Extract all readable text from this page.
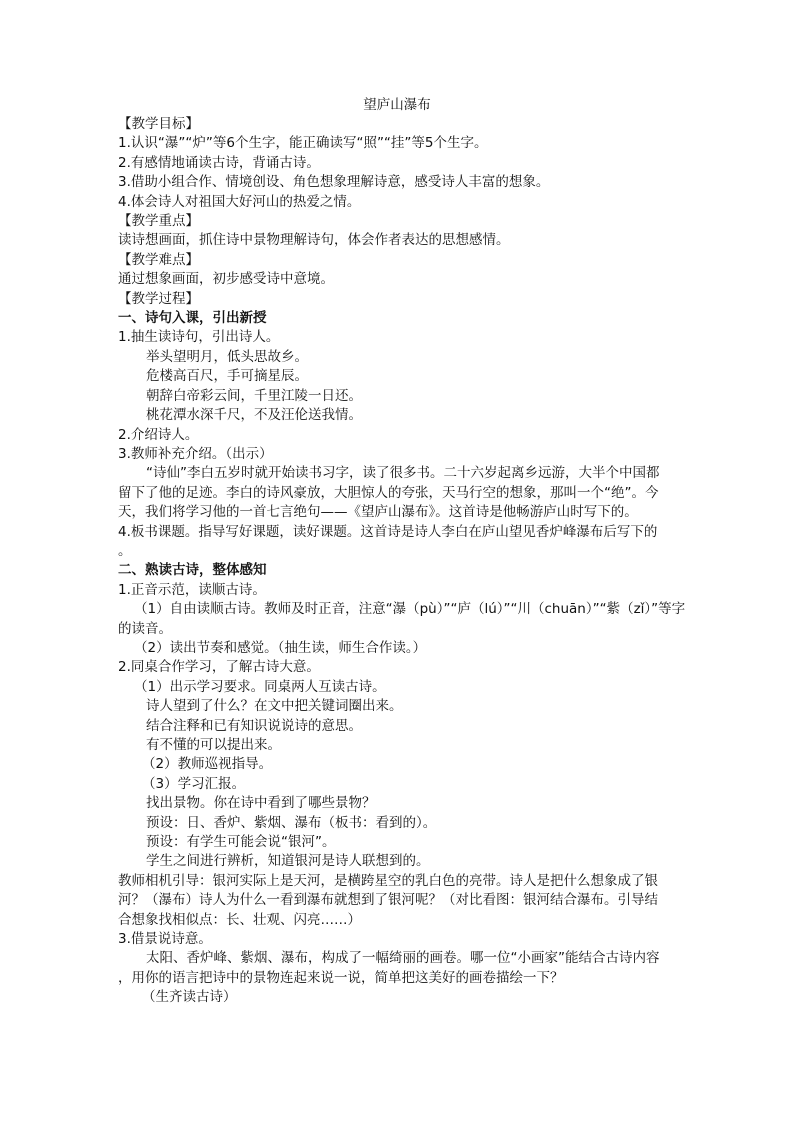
望庐山瀑布

【教学目标】

1.认识“瀑”“炉”等6个生字，能正确读写“照”“挂”等5个生字。

2.有感情地诵读古诗，背诵古诗。

3.借助小组合作、情境创设、角色想象理解诗意，感受诗人丰富的想象。

4.体会诗人对祖国大好河山的热爱之情。

【教学重点】

读诗想画面，抓住诗中景物理解诗句，体会作者表达的思想感情。

【教学难点】

通过想象画面，初步感受诗中意境。

【教学过程】

一、诗句入课，引出新授

1.抽生读诗句，引出诗人。

举头望明月，低头思故乡。

危楼高百尺，手可摘星辰。

朝辞白帝彩云间，千里江陵一日还。

桃花潭水深千尺，不及汪伦送我情。

2.介绍诗人。

3.教师补充介绍。（出示）

“诗仙”李白五岁时就开始读书习字，读了很多书。二十六岁起离乡远游，大半个中国都

留下了他的足迹。李白的诗风豪放，大胆惊人的夸张，天马行空的想象，那叫一个“绝”。今

天，我们将学习他的一首七言绝句——《望庐山瀑布》。这首诗是他畅游庐山时写下的。

4.板书课题。指导写好课题，读好课题。这首诗是诗人李白在庐山望见香炉峰瀑布后写下的

。

二、熟读古诗，整体感知

1.正音示范，读顺古诗。

（1）自由读顺古诗。教师及时正音，注意“瀑（pù）”“庐（lú）”“川（chuān）”“紫（zǐ）”等字

的读音。

（2）读出节奏和感觉。（抽生读，师生合作读。）

2.同桌合作学习，了解古诗大意。

（1）出示学习要求。同桌两人互读古诗。

诗人望到了什么？在文中把关键词圈出来。

结合注释和已有知识说说诗的意思。

有不懂的可以提出来。

（2）教师巡视指导。

（3）学习汇报。

找出景物。你在诗中看到了哪些景物？

预设：日、香炉、紫烟、瀑布（板书：看到的）。

预设：有学生可能会说“银河”。

学生之间进行辨析，知道银河是诗人联想到的。

教师相机引导：银河实际上是天河，是横跨星空的乳白色的亮带。诗人是把什么想象成了银

河？（瀑布）诗人为什么一看到瀑布就想到了银河呢？（对比看图：银河结合瀑布。引导结

合想象找相似点：长、壮观、闪亮……）

3.借景说诗意。

太阳、香炉峰、紫烟、瀑布，构成了一幅绮丽的画卷。哪一位“小画家”能结合古诗内容

，用你的语言把诗中的景物连起来说一说，简单把这美好的画卷描绘一下？

（生齐读古诗）
